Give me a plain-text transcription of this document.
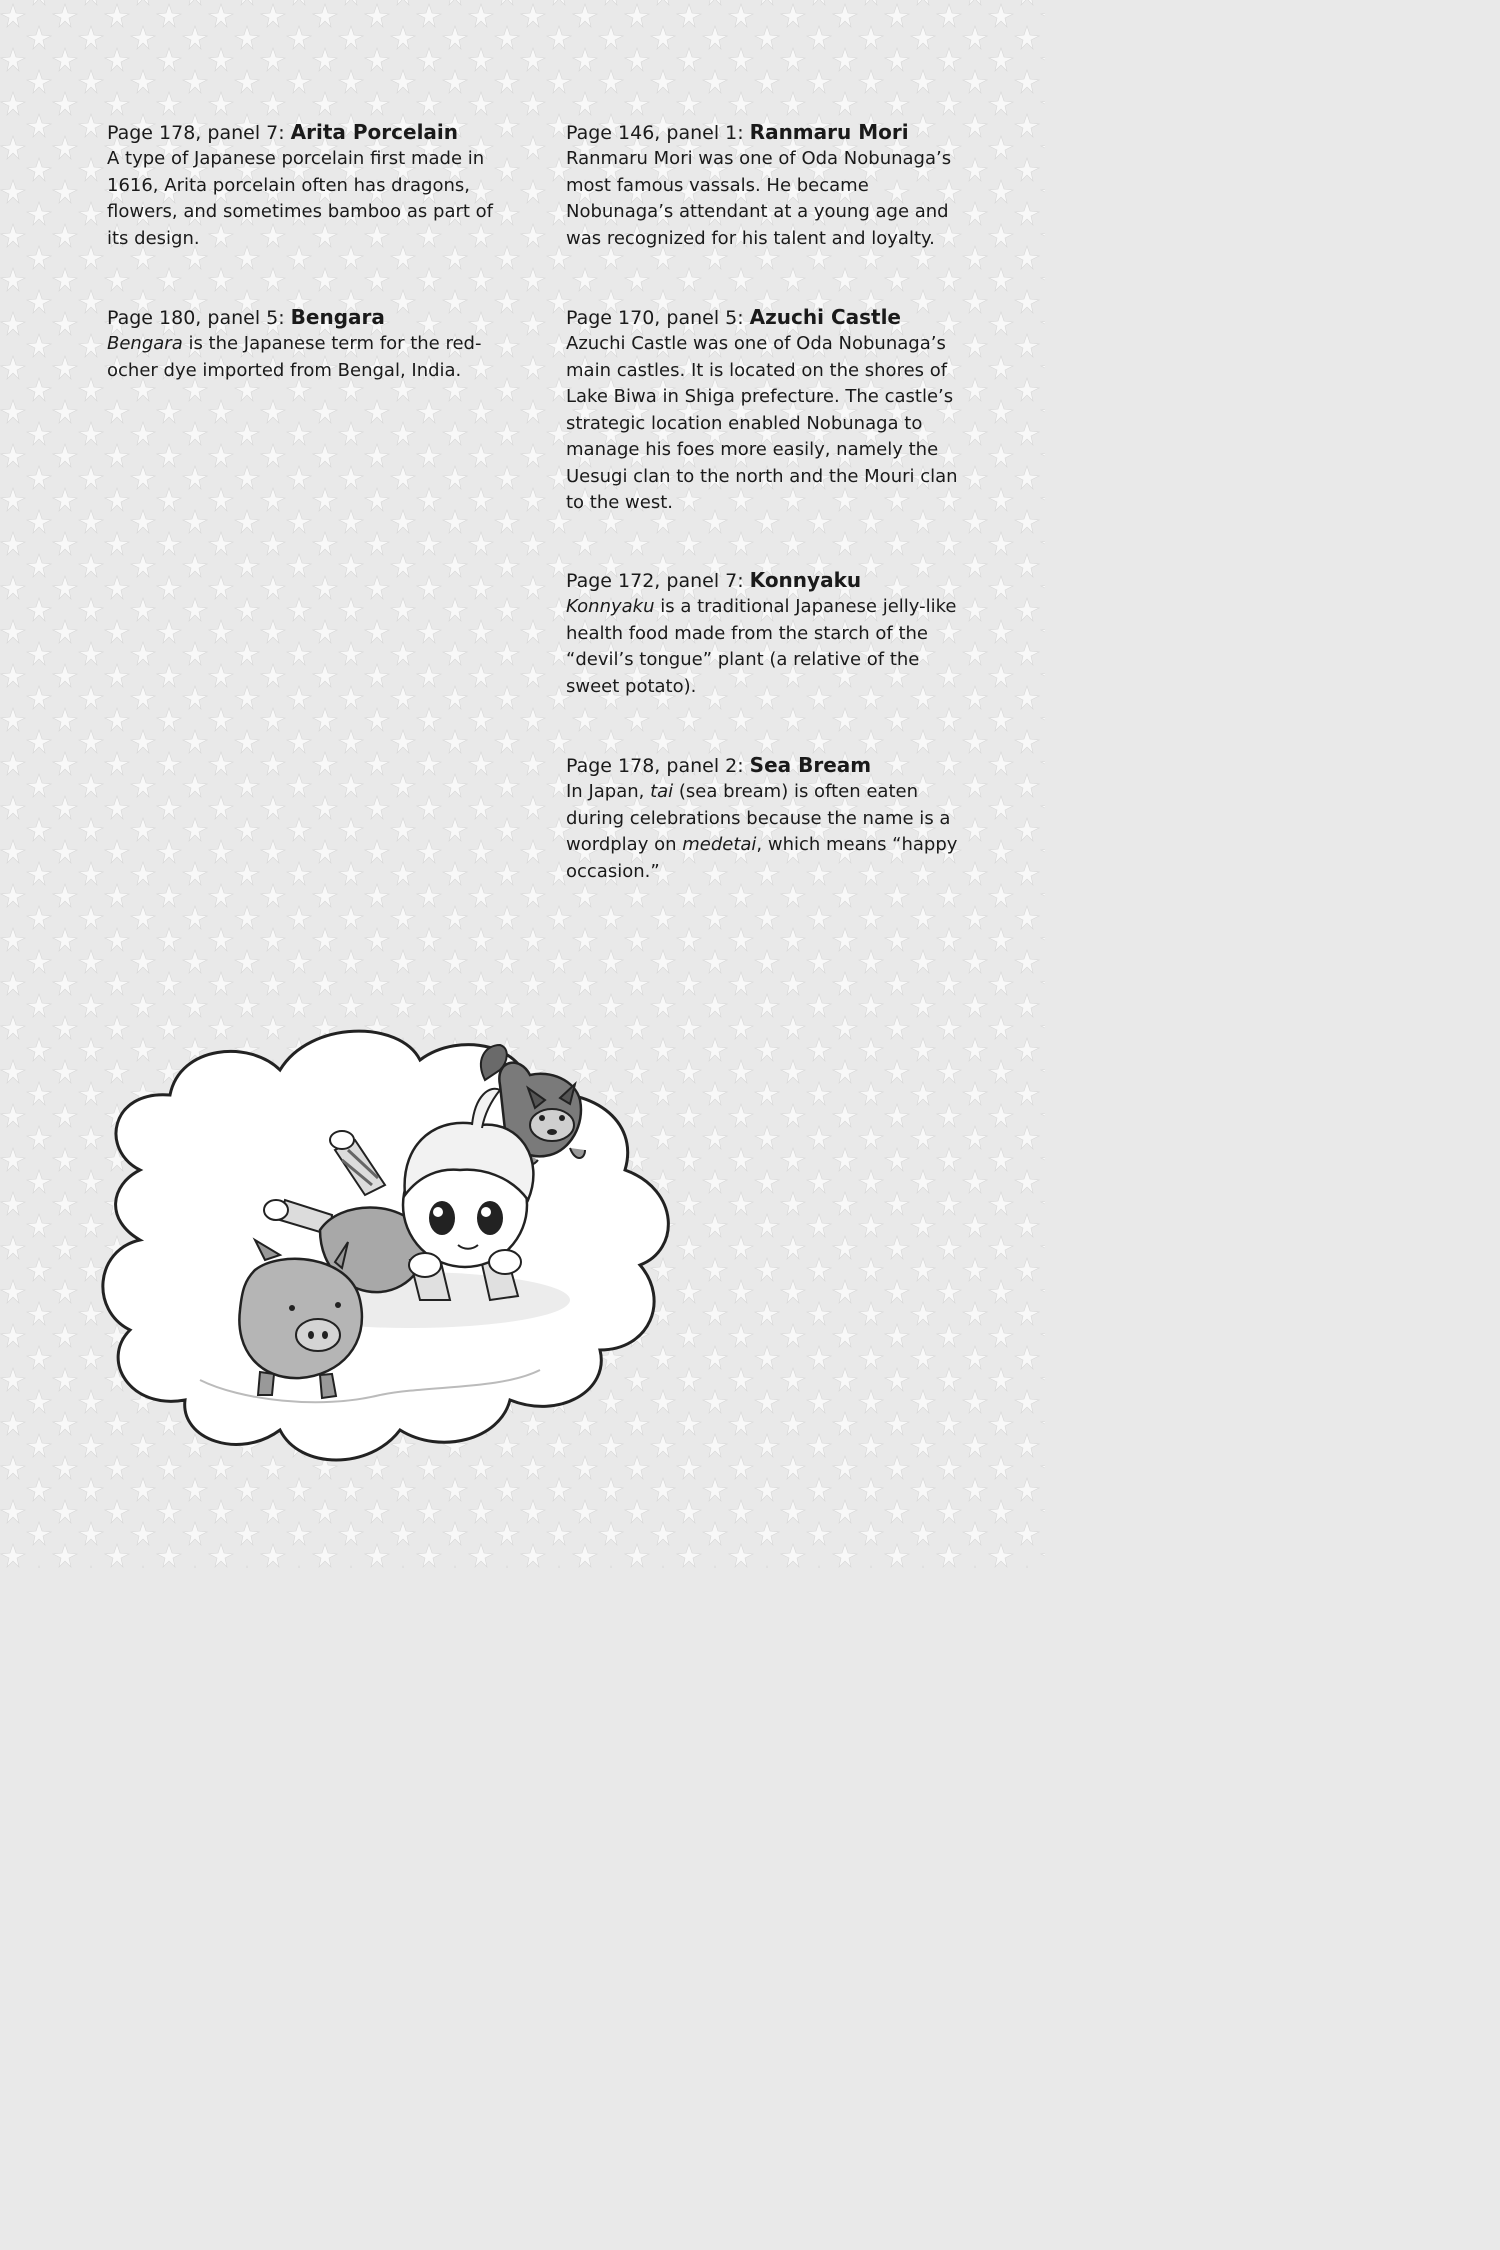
Page 178, panel 7: Arita Porcelain

A type of Japanese porcelain first made in 1616, Arita porcelain often has dragons, flowers, and sometimes bamboo as part of its design.

Page 180, panel 5: Bengara

Bengara is the Japanese term for the red-ocher dye imported from Bengal, India.

Page 146, panel 1: Ranmaru Mori

Ranmaru Mori was one of Oda Nobunaga’s most famous vassals. He became Nobunaga’s attendant at a young age and was recognized for his talent and loyalty.

Page 170, panel 5: Azuchi Castle

Azuchi Castle was one of Oda Nobunaga’s main castles. It is located on the shores of Lake Biwa in Shiga prefecture. The castle’s strategic location enabled Nobunaga to manage his foes more easily, namely the Uesugi clan to the north and the Mouri clan to the west.

Page 172, panel 7: Konnyaku

Konnyaku is a traditional Japanese jelly-like health food made from the starch of the “devil’s tongue” plant (a relative of the sweet potato).

Page 178, panel 2: Sea Bream

In Japan, tai (sea bream) is often eaten during celebrations because the name is a wordplay on medetai, which means “happy occasion.”
